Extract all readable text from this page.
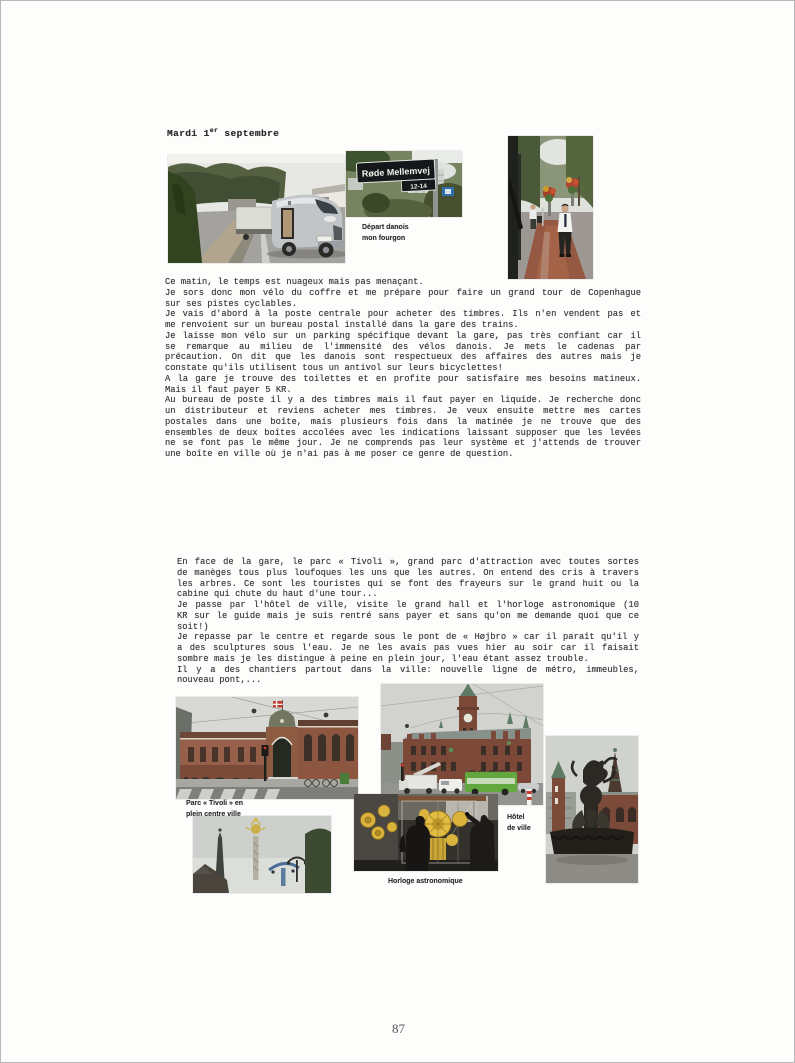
Mardi 1er septembre
Røde Mellemvej
12-14
Départ danois
mon fourgon
Ce matin, le temps est nuageux mais pas menaçant.
Je sors donc mon vélo du coffre et me prépare pour faire un grand tour de Copenhague
sur ses pistes cyclables.
Je vais d'abord à la poste centrale pour acheter des timbres. Ils n'en vendent pas et
me renvoient sur un bureau postal installé dans la gare des trains.
Je laisse mon vélo sur un parking spécifique devant la gare, pas très confiant car il
se remarque au milieu de l'immensité des vélos danois. Je mets le cadenas par
précaution. On dit que les danois sont respectueux des affaires des autres mais je
constate qu'ils utilisent tous un antivol sur leurs bicyclettes!
A la gare je trouve des toilettes et en profite pour satisfaire mes besoins matineux.
Mais il faut payer 5 KR.
Au bureau de poste il y a des timbres mais il faut payer en liquide. Je recherche donc
un distributeur et reviens acheter mes timbres. Je veux ensuite mettre mes cartes
postales dans une boîte, mais plusieurs fois dans la matinée je ne trouve que des
ensembles de deux boîtes accolées avec les indications laissant supposer que les levées
ne se font pas le même jour. Je ne comprends pas leur système et j'attends de trouver
une boîte en ville où je n'ai pas à me poser ce genre de question.
En face de la gare, le parc « Tivoli », grand parc d'attraction avec toutes sortes
de manèges tous plus loufoques les uns que les autres. On entend des cris à travers
les arbres. Ce sont les touristes qui se font des frayeurs sur le grand huit ou la
cabine qui chute du haut d'une tour...
Je passe par l'hôtel de ville, visite le grand hall et l'horloge astronomique (10
KR sur le guide mais je suis rentré sans payer et sans qu'on me demande quoi que ce
soit!)
Je repasse par le centre et regarde sous le pont de « Højbro » car il paraît qu'il y
a des sculptures sous l'eau. Je ne les avais pas vues hier au soir car il faisait
sombre mais je les distingue à peine en plein jour, l'eau étant assez trouble.
Il y a des chantiers partout dans la ville: nouvelle ligne de métro, immeubles,
nouveau pont,...
Parc « Tivoli » en
plein centre ville
Horloge astronomique
Hôtel
de ville
87
